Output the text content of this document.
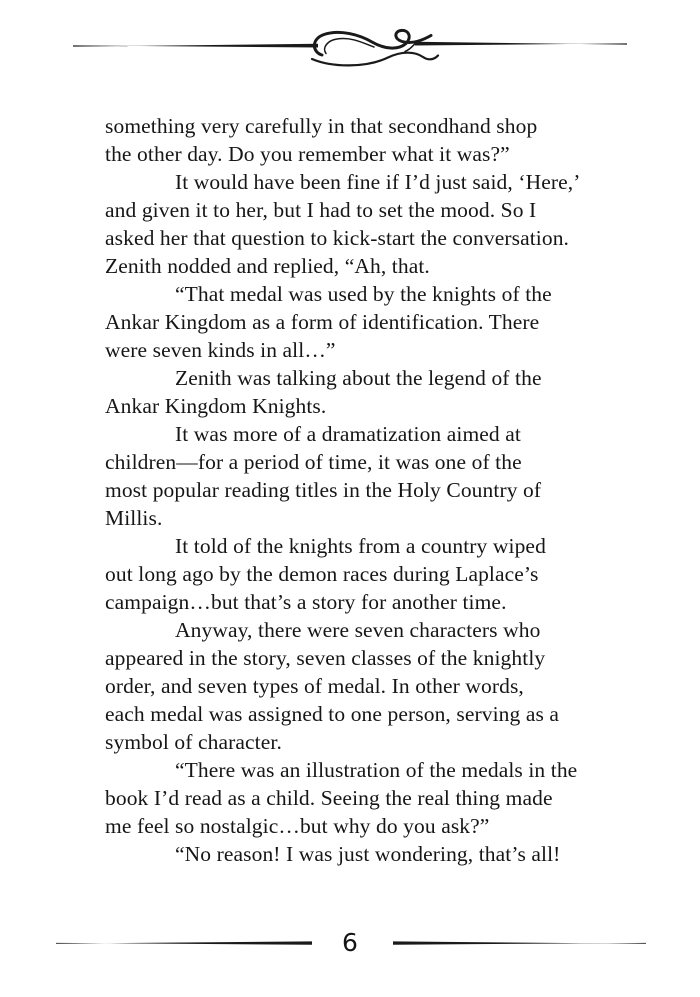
something very carefully in that secondhand shop
the other day. Do you remember what it was?”
It would have been fine if I’d just said, ‘Here,’
and given it to her, but I had to set the mood. So I
asked her that question to kick-start the conversation.
Zenith nodded and replied, “Ah, that.
“That medal was used by the knights of the
Ankar Kingdom as a form of identification. There
were seven kinds in all…”
Zenith was talking about the legend of the
Ankar Kingdom Knights.
It was more of a dramatization aimed at
children—for a period of time, it was one of the
most popular reading titles in the Holy Country of
Millis.
It told of the knights from a country wiped
out long ago by the demon races during Laplace’s
campaign…but that’s a story for another time.
Anyway, there were seven characters who
appeared in the story, seven classes of the knightly
order, and seven types of medal. In other words,
each medal was assigned to one person, serving as a
symbol of character.
“There was an illustration of the medals in the
book I’d read as a child. Seeing the real thing made
me feel so nostalgic…but why do you ask?”
“No reason! I was just wondering, that’s all!
6
